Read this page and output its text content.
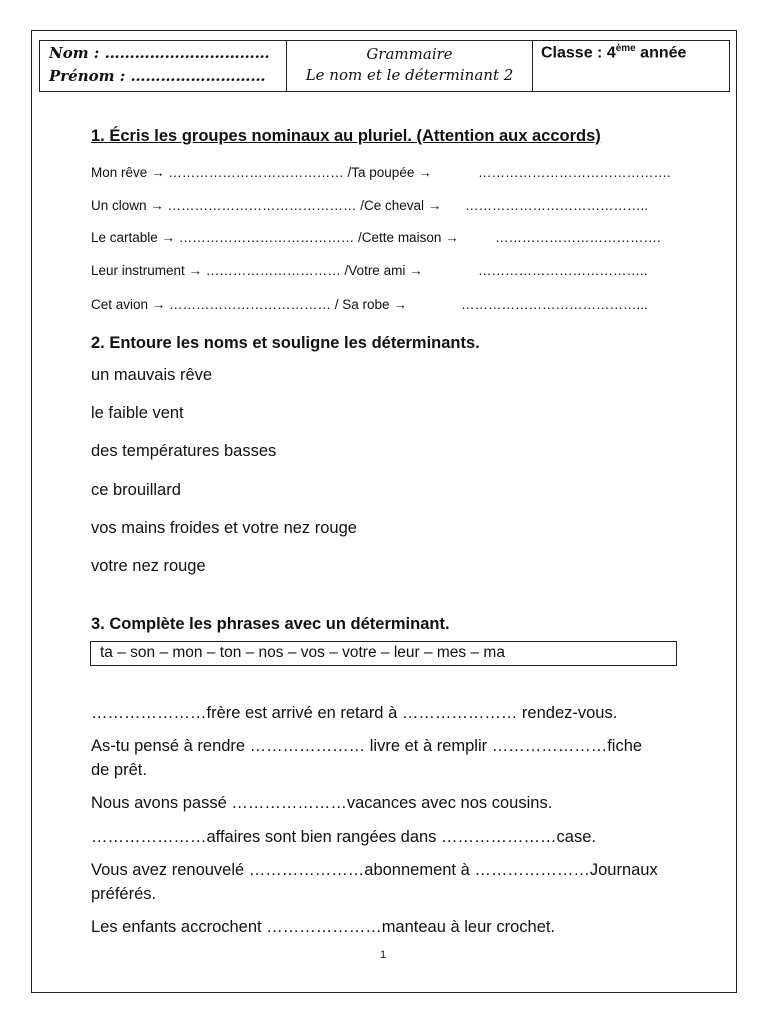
Nom : ……………………………
Prénom : ………………………
Grammaire
Le nom et le déterminant 2
Classe : 4ème année
1. Écris les groupes nominaux au pluriel. (Attention aux accords)
Mon rêve → ………………………………… /Ta poupée →	…………………………………….
Un clown → …………………………………… /Ce cheval → …………………………………..
Le cartable → ………………………………… /Cette maison →	……………………………….
Leur instrument → ………………………… /Votre ami →	………………………………..
Cet avion → ……………………………… / Sa robe →	…………………………………...
2. Entoure les noms et souligne les déterminants.
un mauvais rêve
le faible vent
des températures basses
ce brouillard
vos mains froides et votre nez rouge
votre nez rouge
3. Complète les phrases avec un déterminant.
ta – son – mon – ton – nos – vos – votre – leur – mes – ma
…………………frère est arrivé en retard à ………………… rendez-vous.
As-tu pensé à rendre ………………… livre et à remplir …………………fiche
de prêt.
Nous avons passé …………………vacances avec nos cousins.
…………………affaires sont bien rangées dans …………………case.
Vous avez renouvelé …………………abonnement à …………………Journaux
préférés.
Les enfants accrochent …………………manteau à leur crochet.
1
